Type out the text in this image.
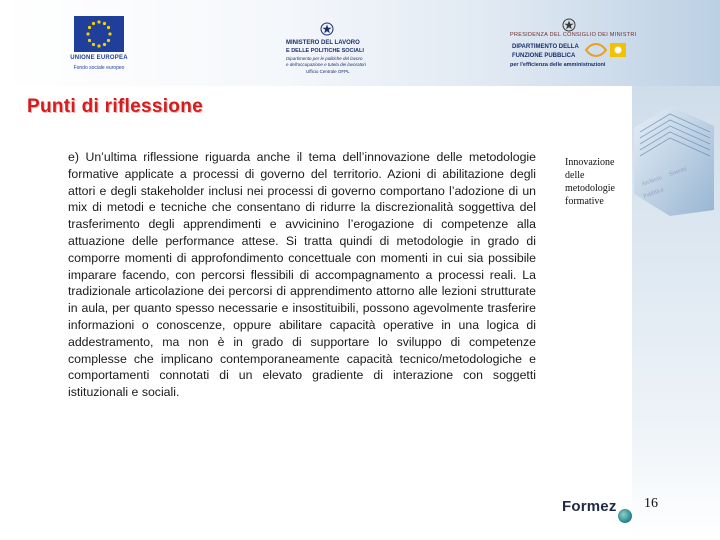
UNIONE EUROPEA
Fondo sociale europeo
MINISTERO DEL LAVORO
E DELLE POLITICHE SOCIALI
Dipartimento per le politiche del lavoro
e dell'occupazione e tutela dei lavoratori
Ufficio Centrale OFPL
PRESIDENZA DEL CONSIGLIO DEI MINISTRI
DIPARTIMENTO DELLA
FUNZIONE PUBBLICA
per l'efficienza delle amministrazioni
Archivio
Sistemi
Pubblica
Punti di riflessione

e) Un’ultima riflessione riguarda anche il tema dell’innovazione delle metodologie formative applicate a processi di governo del territorio. Azioni di abilitazione degli attori e degli stakeholder inclusi nei processi di governo comportano l’adozione di un mix di metodi e tecniche che consentano di ridurre la discrezionalità soggettiva del trasferimento degli apprendimenti e avvicinino l’erogazione di competenze alla attuazione delle performance attese. Si tratta quindi di metodologie in grado di comporre momenti di approfondimento concettuale con momenti in cui sia possibile imparare facendo, con percorsi flessibili di accompagnamento a processi reali. La tradizionale articolazione dei percorsi di apprendimento attorno alle lezioni strutturate in aula, per quanto spesso necessarie e insostituibili, possono agevolmente trasferire informazioni o conoscenze, oppure abilitare capacità operative in una logica di addestramento, ma non è in grado di supportare lo sviluppo di competenze complesse che implicano contemporaneamente capacità tecnico/metodologiche e comportamenti connotati di un elevato gradiente di interazione con soggetti istituzionali e sociali.

Innovazione delle metodologie formative
Formez 16
